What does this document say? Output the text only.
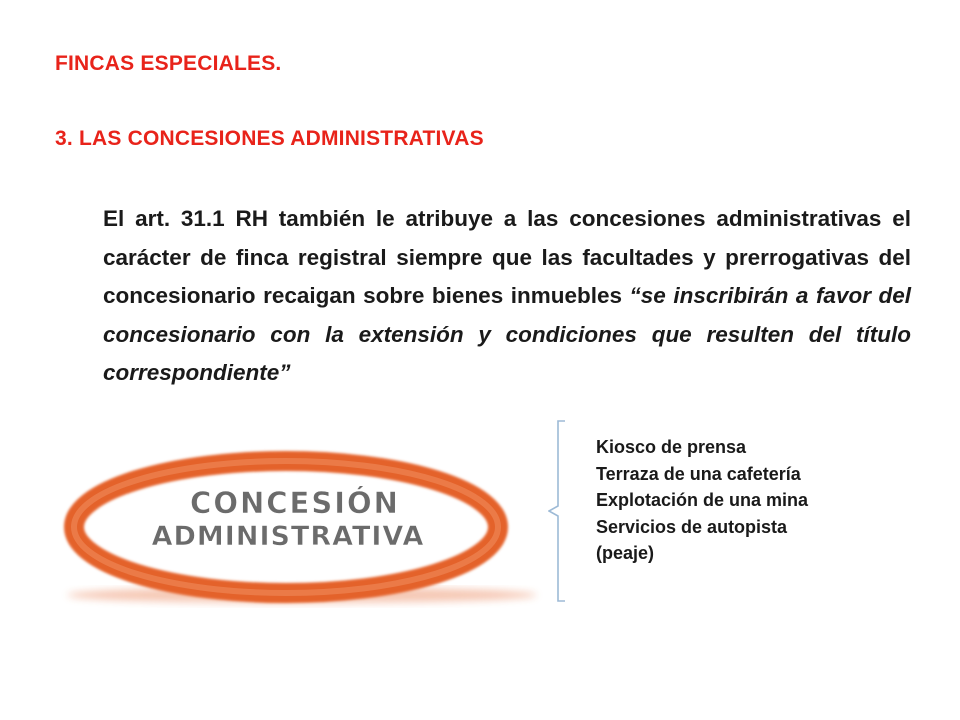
FINCAS ESPECIALES.
3. LAS CONCESIONES ADMINISTRATIVAS

El art. 31.1 RH también le atribuye a las concesiones administrativas el carácter de finca registral siempre que las facultades y prerrogativas del concesionario recaigan sobre bienes inmuebles “se inscribirán a favor del concesionario con la extensión y condiciones que resulten del título correspondiente”

CONCESIÓN
ADMINISTRATIVA
Kiosco de prensa
Terraza de una cafetería
Explotación de una mina
Servicios de autopista
(peaje)
